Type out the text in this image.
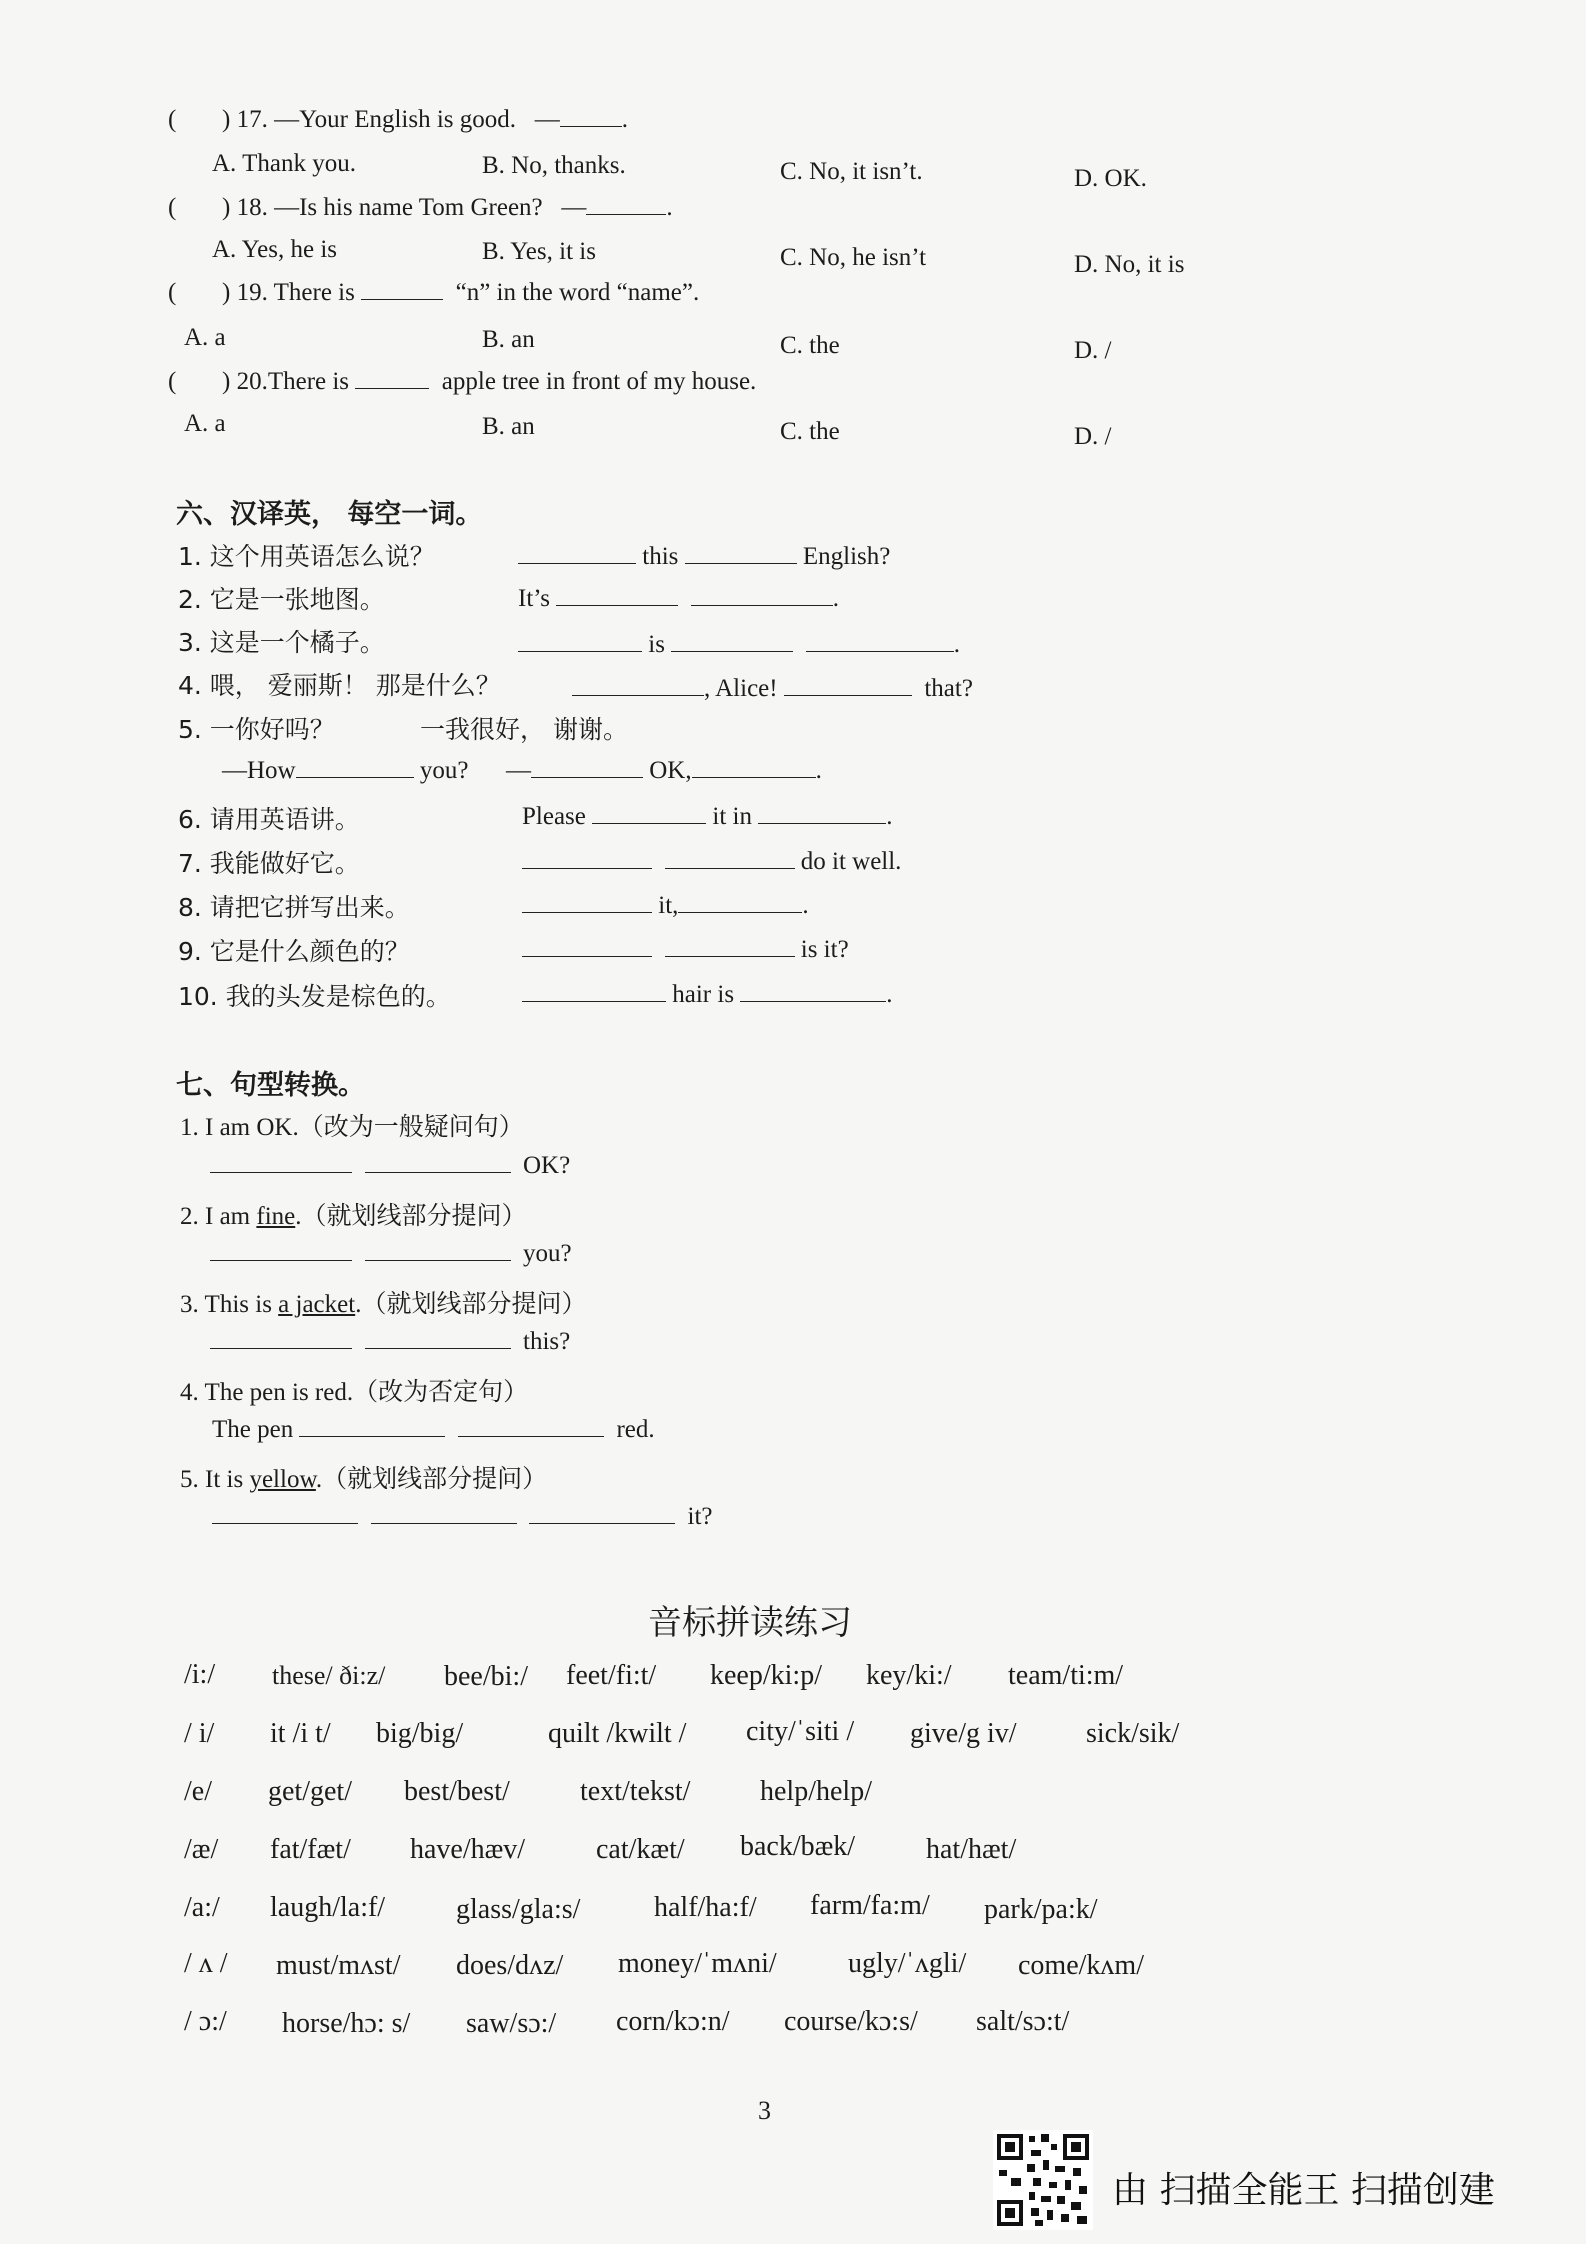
( ) 17. —Your English is good.   — .
A. Thank you.	B. No, thanks.	C. No, it isn’t.	D. OK.
( ) 18. —Is his name Tom Green?   —	.
A. Yes, he is	B. Yes, it is	C. No, he isn’t	D. No, it is
( ) 19. There is	“n” in the word “name”.
A. a	B. an	C. the	D. /
( ) 20.There is	apple tree in front of my house.
A. a	B. an	C. the	D. /
六、汉译英， 每空一词。
1. 这个用英语怎么说？	this	English?
2. 它是一张地图。	It’s	.
3. 这是一个橘子。	is	.
4. 喂， 爱丽斯！ 那是什么？	, Alice!	that?
5. 一你好吗？	一我很好， 谢谢。
—How	you? —	OK,	.
6. 请用英语讲。	Please	it in	.
7. 我能做好它。	do it well.
8. 请把它拼写出来。	it,	.
9. 它是什么颜色的？	is it?
10. 我的头发是棕色的。	hair is	.
七、句型转换。
1. I am OK.（改为一般疑问句）
OK?
2. I am fine.（就划线部分提问）
you?
3. This is a jacket.（就划线部分提问）
this?
4. The pen is red.（改为否定句）
The pen	red.
5. It is yellow.（就划线部分提问）
it?
音标拼读练习
/i:/ these/ ði:z/ bee/bi:/ feet/fi:t/ keep/ki:p/ key/ki:/ team/ti:m/
/ i/ it /i t/ big/big/	quilt /kwilt / city/ˈsiti / give/g iv/ sick/sik/
/e/ get/get/ best/best/	text/tekst/ help/help/
/æ/ fat/fæt/ have/hæv/	cat/kæt/ back/bæk/	hat/hæt/
/a:/ laugh/la:f/	glass/gla:s/	half/ha:f/ farm/fa:m/ park/pa:k/
/ ʌ / must/mʌst/ does/dʌz/ money/ˈmʌni/	ugly/ˈʌgli/ come/kʌm/
/ ɔ:/ horse/hɔ: s/ saw/sɔ:/ corn/kɔ:n/ course/kɔ:s/ salt/sɔ:t/
3
由 扫描全能王 扫描创建
